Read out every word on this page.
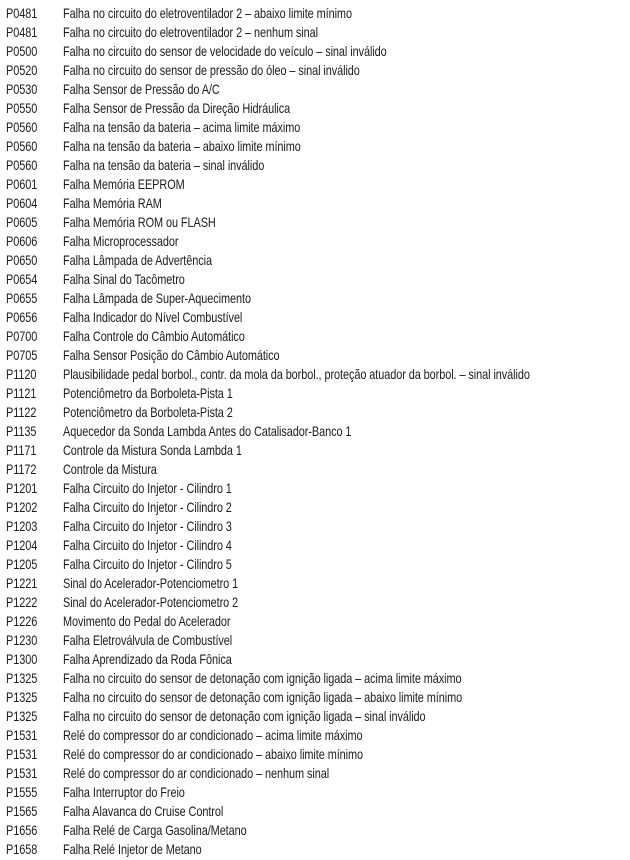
P0481 Falha no circuito do eletroventilador 2 – abaixo limite mínimo
P0481 Falha no circuito do eletroventilador 2 – nenhum sinal
P0500 Falha no circuito do sensor de velocidade do veículo – sinal inválido
P0520 Falha no circuito do sensor de pressão do óleo – sinal inválido
P0530 Falha Sensor de Pressão do A/C
P0550 Falha Sensor de Pressão da Direção Hidráulica
P0560 Falha na tensão da bateria – acima limite máximo
P0560 Falha na tensão da bateria – abaixo limite mínimo
P0560 Falha na tensão da bateria – sinal inválido
P0601 Falha Memória EEPROM
P0604 Falha Memória RAM
P0605 Falha Memória ROM ou FLASH
P0606 Falha Microprocessador
P0650 Falha Lâmpada de Advertência
P0654 Falha Sinal do Tacômetro
P0655 Falha Lâmpada de Super-Aquecimento
P0656 Falha Indicador do Nível Combustível
P0700 Falha Controle do Câmbio Automático
P0705 Falha Sensor Posição do Câmbio Automático
P1120 Plausibilidade pedal borbol., contr. da mola da borbol., proteção atuador da borbol. – sinal inválido
P1121 Potenciômetro da Borboleta-Pista 1
P1122 Potenciômetro da Borboleta-Pista 2
P1135 Aquecedor da Sonda Lambda Antes do Catalisador-Banco 1
P1171 Controle da Mistura Sonda Lambda 1
P1172 Controle da Mistura
P1201 Falha Circuito do Injetor - Cilindro 1
P1202 Falha Circuito do Injetor - Cilindro 2
P1203 Falha Circuito do Injetor - Cilindro 3
P1204 Falha Circuito do Injetor - Cilindro 4
P1205 Falha Circuito do Injetor - Cilindro 5
P1221 Sinal do Acelerador-Potenciometro 1
P1222 Sinal do Acelerador-Potenciometro 2
P1226 Movimento do Pedal do Acelerador
P1230 Falha Eletroválvula de Combustível
P1300 Falha Aprendizado da Roda Fônica
P1325 Falha no circuito do sensor de detonação com ignição ligada – acima limite máximo
P1325 Falha no circuito do sensor de detonação com ignição ligada – abaixo limite mínimo
P1325 Falha no circuito do sensor de detonação com ignição ligada – sinal inválido
P1531 Relé do compressor do ar condicionado – acima limite máximo
P1531 Relé do compressor do ar condicionado – abaixo limite mínimo
P1531 Relé do compressor do ar condicionado – nenhum sinal
P1555 Falha Interruptor do Freio
P1565 Falha Alavanca do Cruise Control
P1656 Falha Relé de Carga Gasolina/Metano
P1658 Falha Relé Injetor de Metano
